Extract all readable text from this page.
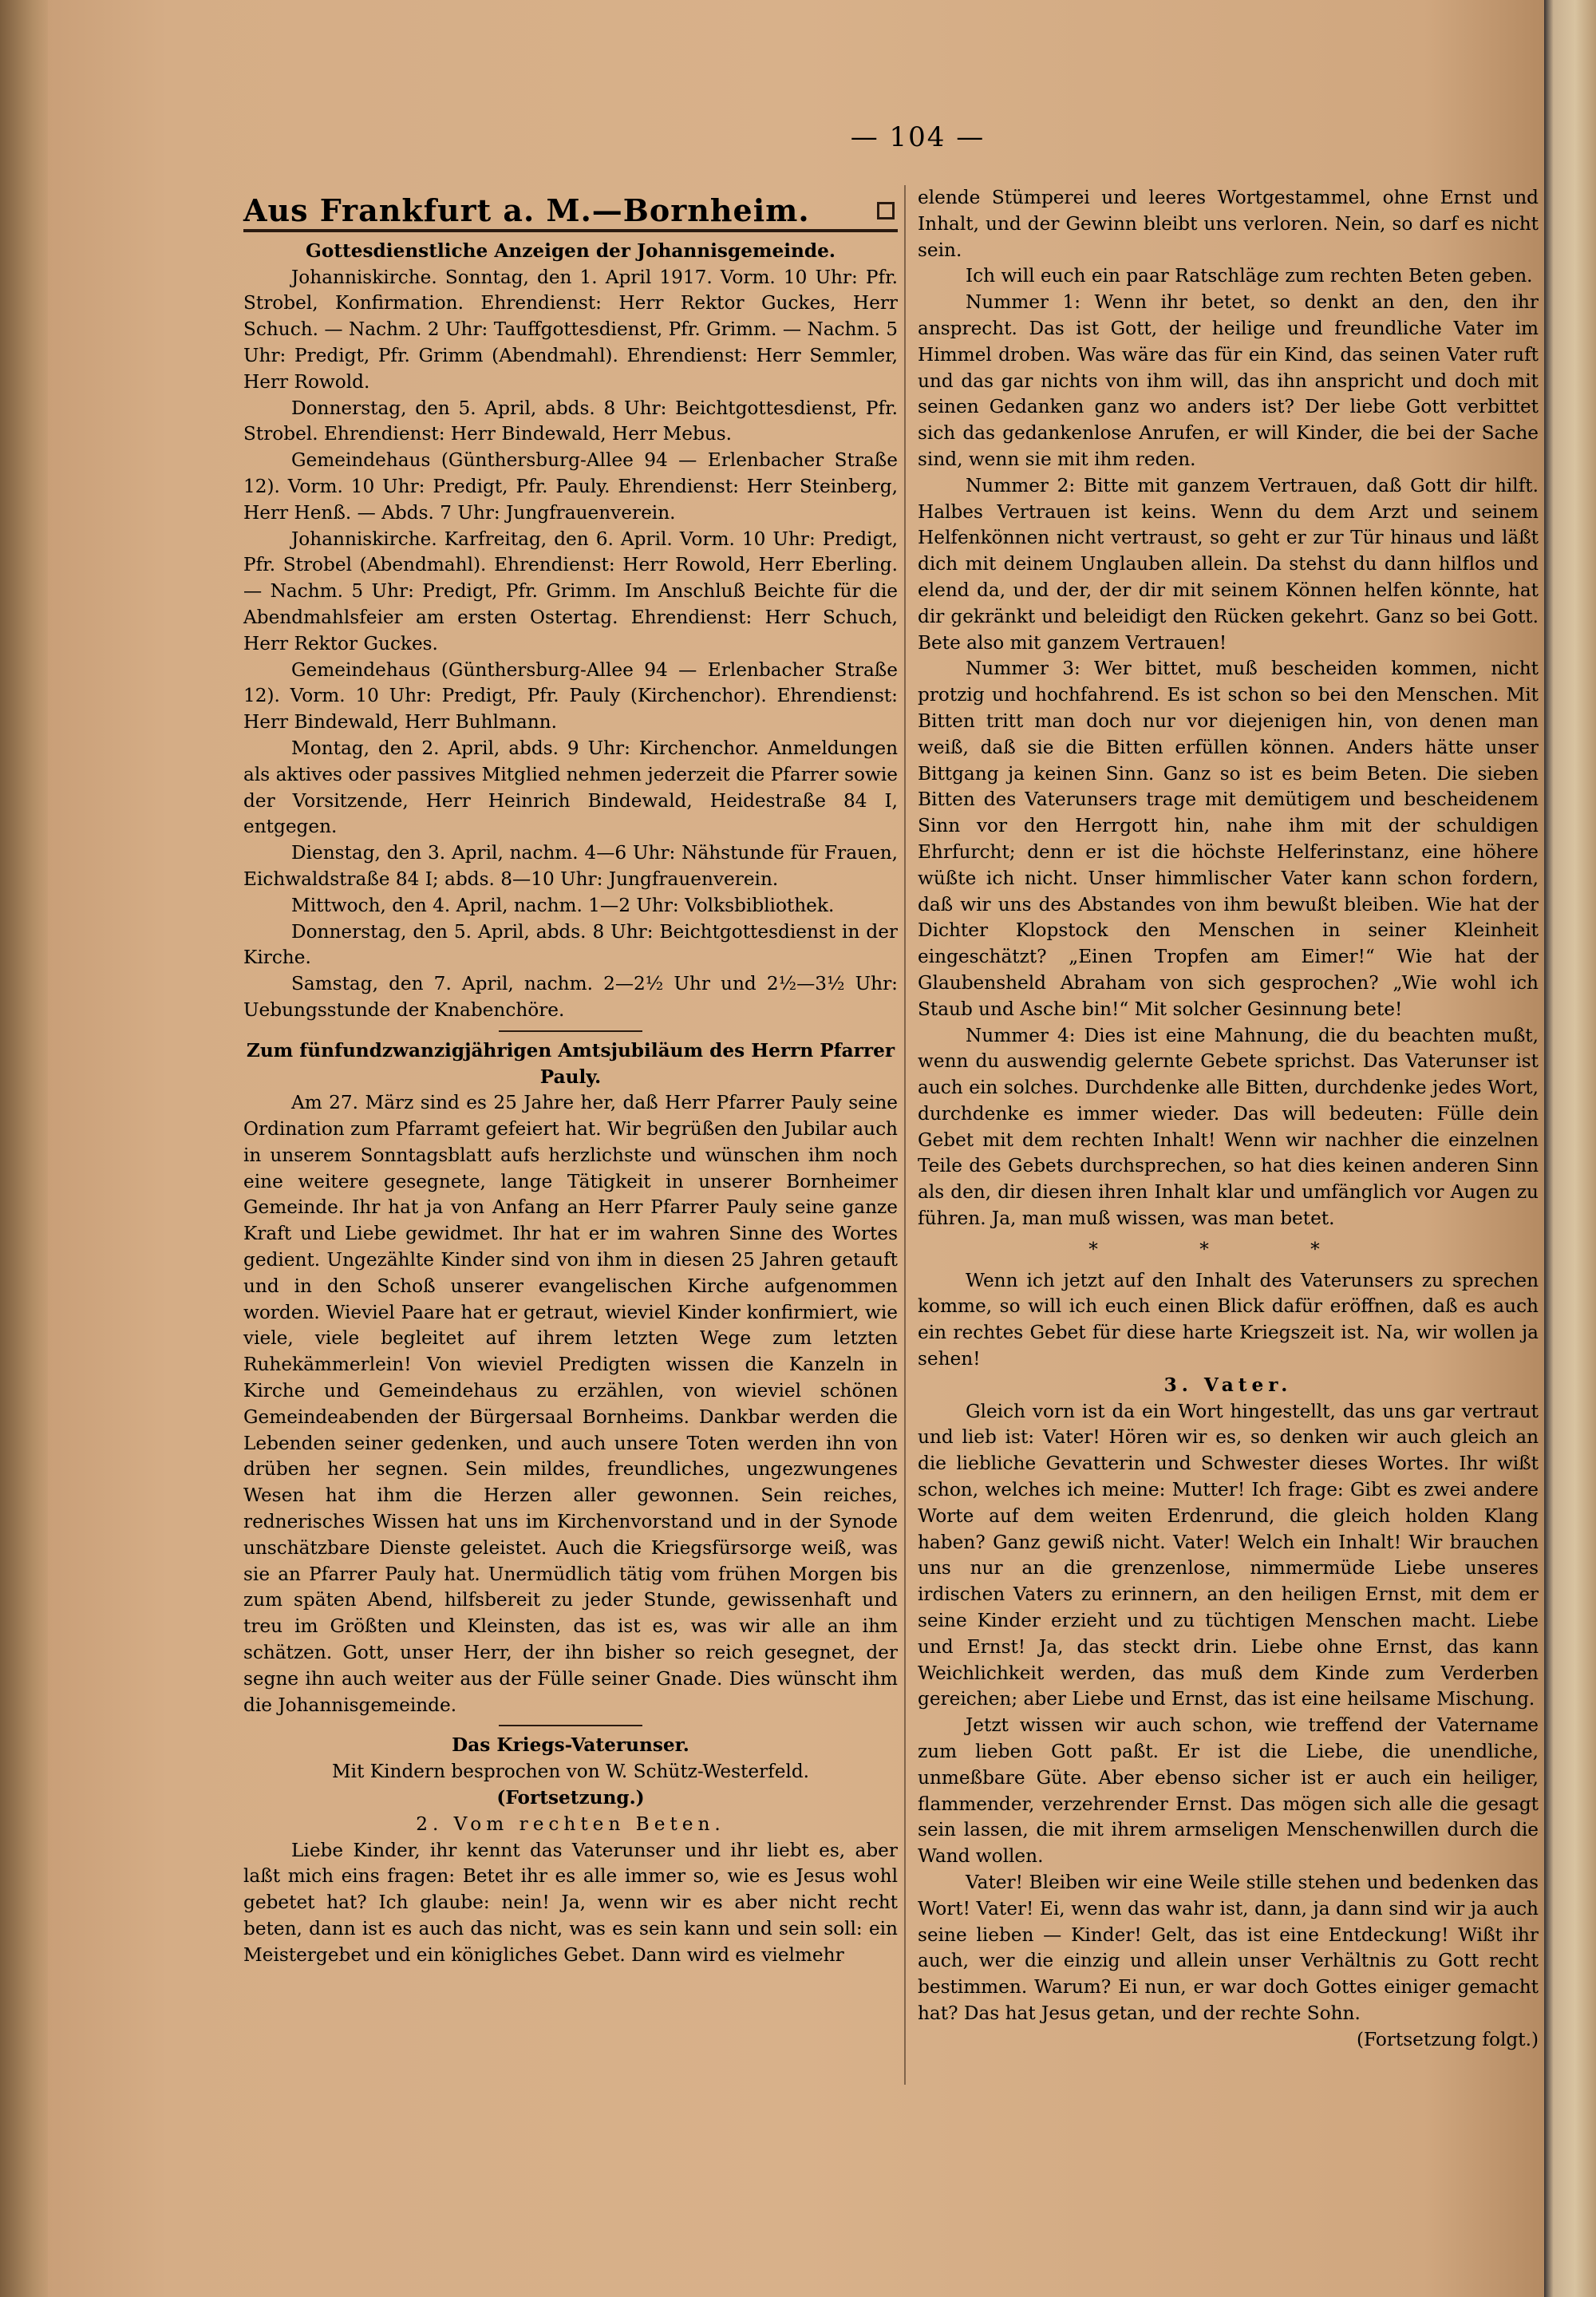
— 104 —
Aus Frankfurt a. M.—Bornheim.

Gottesdienstliche Anzeigen der Johannisgemeinde.

Johanniskirche. Sonntag, den 1. April 1917. Vorm. 10 Uhr: Pfr. Strobel, Konfirmation. Ehrendienst: Herr Rektor Guckes, Herr Schuch. — Nachm. 2 Uhr: Tauffgottesdienst, Pfr. Grimm. — Nachm. 5 Uhr: Predigt, Pfr. Grimm (Abendmahl). Ehrendienst: Herr Semmler, Herr Rowold.

Donnerstag, den 5. April, abds. 8 Uhr: Beichtgottesdienst, Pfr. Strobel. Ehrendienst: Herr Bindewald, Herr Mebus.

Gemeindehaus (Günthersburg-Allee 94 — Erlenbacher Straße 12). Vorm. 10 Uhr: Predigt, Pfr. Pauly. Ehrendienst: Herr Steinberg, Herr Henß. — Abds. 7 Uhr: Jungfrauenverein.

Johanniskirche. Karfreitag, den 6. April. Vorm. 10 Uhr: Predigt, Pfr. Strobel (Abendmahl). Ehrendienst: Herr Rowold, Herr Eberling. — Nachm. 5 Uhr: Predigt, Pfr. Grimm. Im Anschluß Beichte für die Abendmahlsfeier am ersten Ostertag. Ehrendienst: Herr Schuch, Herr Rektor Guckes.

Gemeindehaus (Günthersburg-Allee 94 — Erlenbacher Straße 12). Vorm. 10 Uhr: Predigt, Pfr. Pauly (Kirchenchor). Ehrendienst: Herr Bindewald, Herr Buhlmann.

Montag, den 2. April, abds. 9 Uhr: Kirchenchor. Anmeldungen als aktives oder passives Mitglied nehmen jederzeit die Pfarrer sowie der Vorsitzende, Herr Heinrich Bindewald, Heidestraße 84 I, entgegen.

Dienstag, den 3. April, nachm. 4—6 Uhr: Nähstunde für Frauen, Eichwaldstraße 84 I; abds. 8—10 Uhr: Jungfrauenverein.

Mittwoch, den 4. April, nachm. 1—2 Uhr: Volksbibliothek.

Donnerstag, den 5. April, abds. 8 Uhr: Beichtgottesdienst in der Kirche.

Samstag, den 7. April, nachm. 2—2½ Uhr und 2½—3½ Uhr: Uebungsstunde der Knabenchöre.

Zum fünfundzwanzigjährigen Amtsjubiläum des Herrn Pfarrer Pauly.

Am 27. März sind es 25 Jahre her, daß Herr Pfarrer Pauly seine Ordination zum Pfarramt gefeiert hat. Wir begrüßen den Jubilar auch in unserem Sonntagsblatt aufs herzlichste und wünschen ihm noch eine weitere gesegnete, lange Tätigkeit in unserer Bornheimer Gemeinde. Ihr hat ja von Anfang an Herr Pfarrer Pauly seine ganze Kraft und Liebe gewidmet. Ihr hat er im wahren Sinne des Wortes gedient. Ungezählte Kinder sind von ihm in diesen 25 Jahren getauft und in den Schoß unserer evangelischen Kirche aufgenommen worden. Wieviel Paare hat er getraut, wieviel Kinder konfirmiert, wie viele, viele begleitet auf ihrem letzten Wege zum letzten Ruhekämmerlein! Von wieviel Predigten wissen die Kanzeln in Kirche und Gemeindehaus zu erzählen, von wieviel schönen Gemeindeabenden der Bürgersaal Bornheims. Dankbar werden die Lebenden seiner gedenken, und auch unsere Toten werden ihn von drüben her segnen. Sein mildes, freundliches, ungezwungenes Wesen hat ihm die Herzen aller gewonnen. Sein reiches, rednerisches Wissen hat uns im Kirchenvorstand und in der Synode unschätzbare Dienste geleistet. Auch die Kriegsfürsorge weiß, was sie an Pfarrer Pauly hat. Unermüdlich tätig vom frühen Morgen bis zum späten Abend, hilfsbereit zu jeder Stunde, gewissenhaft und treu im Größten und Kleinsten, das ist es, was wir alle an ihm schätzen. Gott, unser Herr, der ihn bisher so reich gesegnet, der segne ihn auch weiter aus der Fülle seiner Gnade. Dies wünscht ihm die Johannisgemeinde.

Das Kriegs-Vaterunser.

Mit Kindern besprochen von W. Schütz-Westerfeld.

(Fortsetzung.)

2. Vom rechten Beten.

Liebe Kinder, ihr kennt das Vaterunser und ihr liebt es, aber laßt mich eins fragen: Betet ihr es alle immer so, wie es Jesus wohl gebetet hat? Ich glaube: nein! Ja, wenn wir es aber nicht recht beten, dann ist es auch das nicht, was es sein kann und sein soll: ein Meistergebet und ein königliches Gebet. Dann wird es vielmehr

elende Stümperei und leeres Wortgestammel, ohne Ernst und Inhalt, und der Gewinn bleibt uns verloren. Nein, so darf es nicht sein.

Ich will euch ein paar Ratschläge zum rechten Beten geben.

Nummer 1: Wenn ihr betet, so denkt an den, den ihr ansprecht. Das ist Gott, der heilige und freundliche Vater im Himmel droben. Was wäre das für ein Kind, das seinen Vater ruft und das gar nichts von ihm will, das ihn anspricht und doch mit seinen Gedanken ganz wo anders ist? Der liebe Gott verbittet sich das gedankenlose Anrufen, er will Kinder, die bei der Sache sind, wenn sie mit ihm reden.

Nummer 2: Bitte mit ganzem Vertrauen, daß Gott dir hilft. Halbes Vertrauen ist keins. Wenn du dem Arzt und seinem Helfenkönnen nicht vertraust, so geht er zur Tür hinaus und läßt dich mit deinem Unglauben allein. Da stehst du dann hilflos und elend da, und der, der dir mit seinem Können helfen könnte, hat dir gekränkt und beleidigt den Rücken gekehrt. Ganz so bei Gott. Bete also mit ganzem Vertrauen!

Nummer 3: Wer bittet, muß bescheiden kommen, nicht protzig und hochfahrend. Es ist schon so bei den Menschen. Mit Bitten tritt man doch nur vor diejenigen hin, von denen man weiß, daß sie die Bitten erfüllen können. Anders hätte unser Bittgang ja keinen Sinn. Ganz so ist es beim Beten. Die sieben Bitten des Vaterunsers trage mit demütigem und bescheidenem Sinn vor den Herrgott hin, nahe ihm mit der schuldigen Ehrfurcht; denn er ist die höchste Helferinstanz, eine höhere wüßte ich nicht. Unser himmlischer Vater kann schon fordern, daß wir uns des Abstandes von ihm bewußt bleiben. Wie hat der Dichter Klopstock den Menschen in seiner Kleinheit eingeschätzt? „Einen Tropfen am Eimer!“ Wie hat der Glaubensheld Abraham von sich gesprochen? „Wie wohl ich Staub und Asche bin!“ Mit solcher Gesinnung bete!

Nummer 4: Dies ist eine Mahnung, die du beachten mußt, wenn du auswendig gelernte Gebete sprichst. Das Vaterunser ist auch ein solches. Durchdenke alle Bitten, durchdenke jedes Wort, durchdenke es immer wieder. Das will bedeuten: Fülle dein Gebet mit dem rechten Inhalt! Wenn wir nachher die einzelnen Teile des Gebets durchsprechen, so hat dies keinen anderen Sinn als den, dir diesen ihren Inhalt klar und umfänglich vor Augen zu führen. Ja, man muß wissen, was man betet.

* * *

Wenn ich jetzt auf den Inhalt des Vaterunsers zu sprechen komme, so will ich euch einen Blick dafür eröffnen, daß es auch ein rechtes Gebet für diese harte Kriegszeit ist. Na, wir wollen ja sehen!

3. Vater.

Gleich vorn ist da ein Wort hingestellt, das uns gar vertraut und lieb ist: Vater! Hören wir es, so denken wir auch gleich an die liebliche Gevatterin und Schwester dieses Wortes. Ihr wißt schon, welches ich meine: Mutter! Ich frage: Gibt es zwei andere Worte auf dem weiten Erdenrund, die gleich holden Klang haben? Ganz gewiß nicht. Vater! Welch ein Inhalt! Wir brauchen uns nur an die grenzenlose, nimmermüde Liebe unseres irdischen Vaters zu erinnern, an den heiligen Ernst, mit dem er seine Kinder erzieht und zu tüchtigen Menschen macht. Liebe und Ernst! Ja, das steckt drin. Liebe ohne Ernst, das kann Weichlichkeit werden, das muß dem Kinde zum Verderben gereichen; aber Liebe und Ernst, das ist eine heilsame Mischung.

Jetzt wissen wir auch schon, wie treffend der Vatername zum lieben Gott paßt. Er ist die Liebe, die unendliche, unmeßbare Güte. Aber ebenso sicher ist er auch ein heiliger, flammender, verzehrender Ernst. Das mögen sich alle die gesagt sein lassen, die mit ihrem armseligen Menschenwillen durch die Wand wollen.

Vater! Bleiben wir eine Weile stille stehen und bedenken das Wort! Vater! Ei, wenn das wahr ist, dann, ja dann sind wir ja auch seine lieben — Kinder! Gelt, das ist eine Entdeckung! Wißt ihr auch, wer die einzig und allein unser Verhältnis zu Gott recht bestimmen. Warum? Ei nun, er war doch Gottes einiger gemacht hat? Das hat Jesus getan, und der rechte Sohn.

(Fortsetzung folgt.)
